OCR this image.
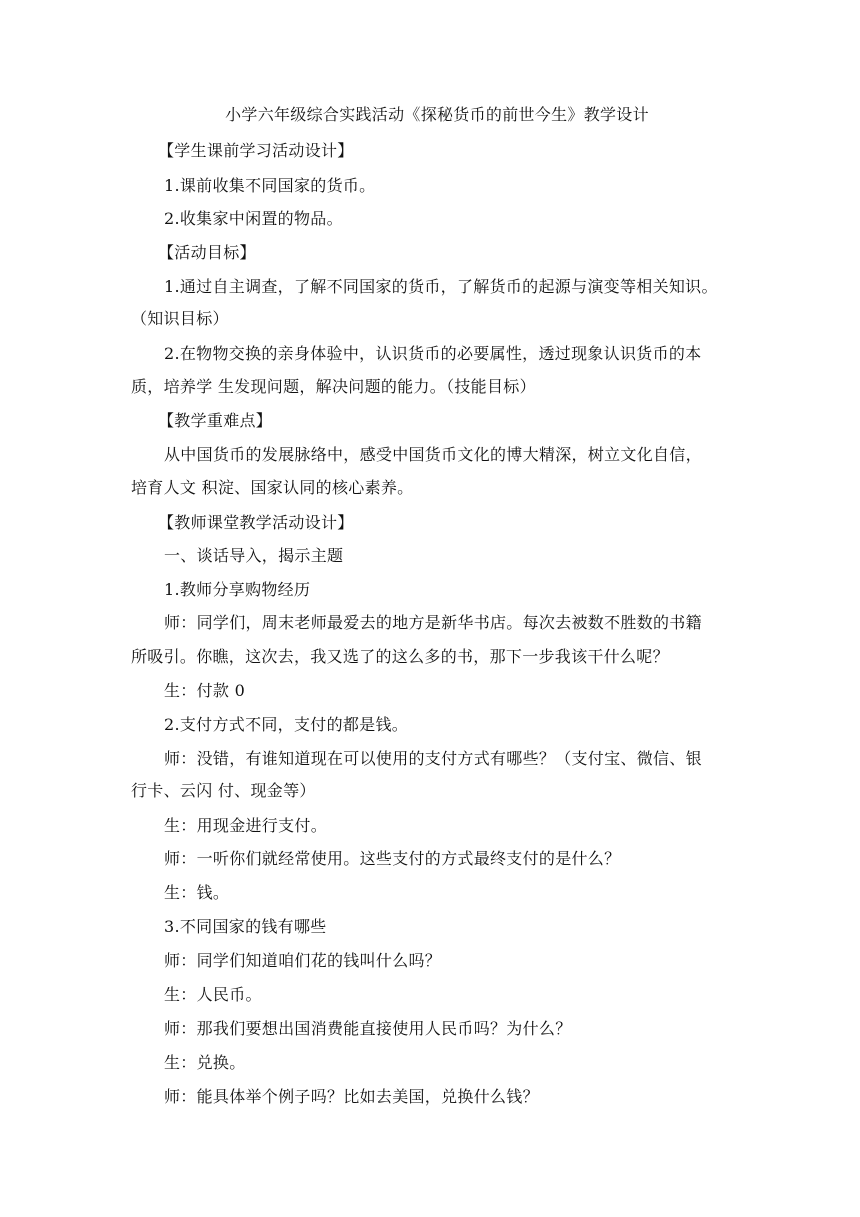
小学六年级综合实践活动《探秘货币的前世今生》教学设计
【学生课前学习活动设计】
1.课前收集不同国家的货币。
2.收集家中闲置的物品。
【活动目标】
1.通过自主调查，了解不同国家的货币，了解货币的起源与演变等相关知识。
（知识目标）
2.在物物交换的亲身体验中，认识货币的必要属性，透过现象认识货币的本
质，培养学 生发现问题，解决问题的能力。（技能目标）
【教学重难点】
从中国货币的发展脉络中，感受中国货币文化的博大精深，树立文化自信，
培育人文 积淀、国家认同的核心素养。
【教师课堂教学活动设计】
一、谈话导入，揭示主题
1.教师分享购物经历
师：同学们，周末老师最爱去的地方是新华书店。每次去被数不胜数的书籍
所吸引。你瞧，这次去，我又选了的这么多的书，那下一步我该干什么呢？
生：付款 0
2.支付方式不同，支付的都是钱。
师：没错，有谁知道现在可以使用的支付方式有哪些？（支付宝、微信、银
行卡、云闪 付、现金等）
生：用现金进行支付。
师：一听你们就经常使用。这些支付的方式最终支付的是什么？
生：钱。
3.不同国家的钱有哪些
师：同学们知道咱们花的钱叫什么吗？
生：人民币。
师：那我们要想出国消费能直接使用人民币吗？为什么？
生：兑换。
师：能具体举个例子吗？比如去美国，兑换什么钱？
